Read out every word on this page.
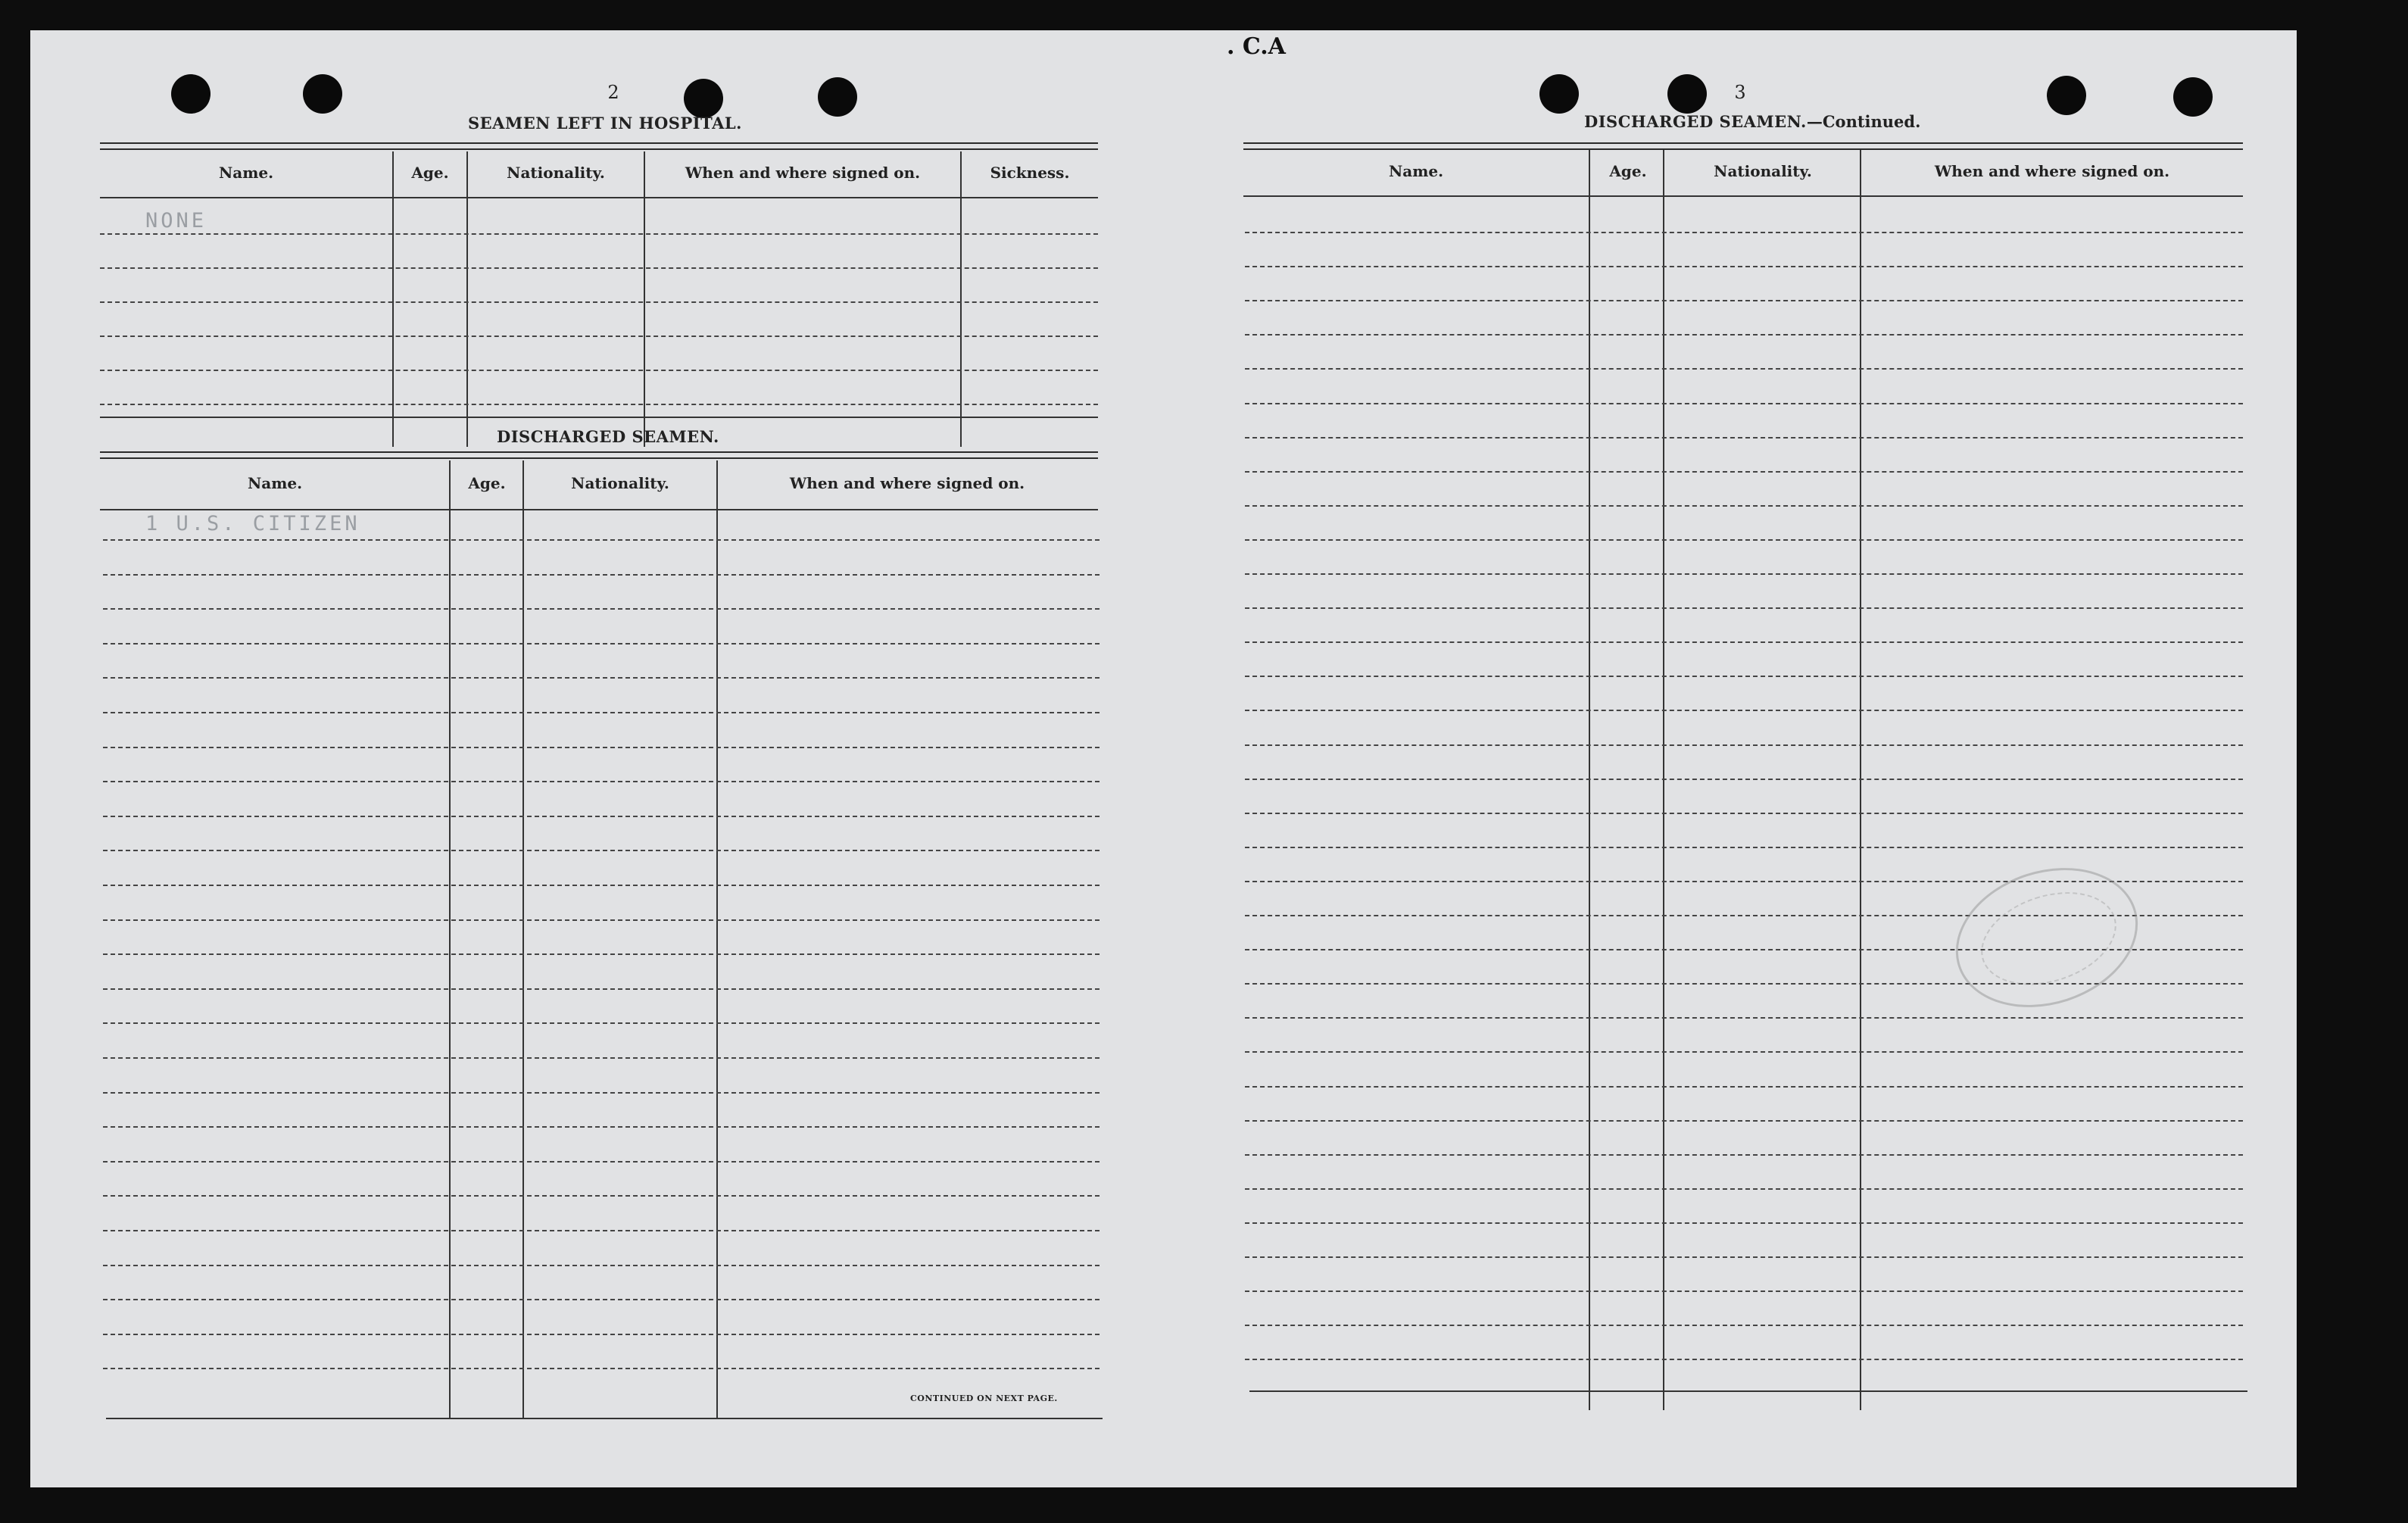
. C.A
2
SEAMEN LEFT IN HOSPITAL.
Name.	Age.	Nationality.	When and where signed on.	Sickness.
NONE
DISCHARGED SEAMEN.
Name.	Age.	Nationality.	When and where signed on.
1 U.S. CITIZEN
CONTINUED ON NEXT PAGE.
3
DISCHARGED SEAMEN.—Continued.
Name.	Age.	Nationality.	When and where signed on.
